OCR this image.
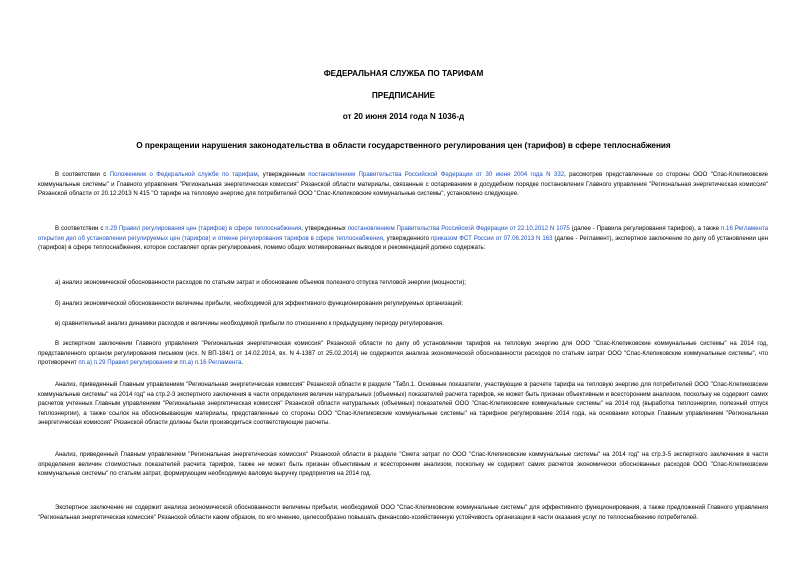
ФЕДЕРАЛЬНАЯ СЛУЖБА ПО ТАРИФАМ
ПРЕДПИСАНИЕ
от 20 июня 2014 года N 1036-д
О прекращении нарушения законодательства в области государственного регулирования цен (тарифов) в сфере теплоснабжения
В соответствии с Положением о Федеральной службе по тарифам, утвержденным постановлением Правительства Российской Федерации от 30 июня 2004 года N 332, рассмотрев представленные со стороны ООО "Спас-Клепиковские коммунальные системы" и Главного управления "Региональная энергетическая комиссия" Рязанской области материалы, связанные с оспариванием в досудебном порядке постановления Главного управления "Региональная энергетическая комиссия" Рязанской области от 20.12.2013 N 415 "О тарифе на тепловую энергию для потребителей ООО "Спас-Клепиковские коммунальные системы", установлено следующее.
В соответствии с п.29 Правил регулирования цен (тарифов) в сфере теплоснабжения, утвержденных постановлением Правительства Российской Федерации от 22.10.2012 N 1075 (далее - Правила регулирования тарифов), а также п.16 Регламента открытия дел об установлении регулируемых цен (тарифов) и отмене регулирования тарифов в сфере теплоснабжения, утвержденного приказом ФСТ России от 07.06.2013 N 163 (далее - Регламент), экспертное заключение по делу об установлении цен (тарифов) в сфере теплоснабжения, которое составляет орган регулирования, помимо общих мотивированных выводов и рекомендаций должно содержать:
а) анализ экономической обоснованности расходов по статьям затрат и обоснование объемов полезного отпуска тепловой энергии (мощности);
б) анализ экономической обоснованности величины прибыли, необходимой для эффективного функционирования регулируемых организаций;
в) сравнительный анализ динамики расходов и величины необходимой прибыли по отношению к предыдущему периоду регулирования.
В экспертном заключении Главного управления "Региональная энергетическая комиссия" Рязанской области по делу об установлении тарифов на тепловую энергию для ООО "Спас-Клепиковские коммунальные системы" на 2014 год, представленного органом регулирования письмом (исх. N ВП-184/1 от 14.02.2014, вх. N 4-1387 от 25.02.2014) не содержится анализа экономической обоснованности расходов по статьям затрат ООО "Спас-Клепиковские коммунальные системы", что противоречит пп.а) п.29 Правил регулирования и пп.а) п.16 Регламента.
Анализ, приведенный Главным управлением "Региональная энергетическая комиссия" Рязанской области в разделе "Табл.1. Основные показатели, участвующие в расчете тарифа на тепловую энергию для потребителей ООО "Спас-Клепиковские коммунальные системы" на 2014 год" на стр.2-3 экспертного заключения в части определения величин натуральных (объемных) показателей расчета тарифов, не может быть признан объективным и всесторонним анализом, поскольку не содержит самих расчетов учтенных Главным управлением "Региональная энергетическая комиссия" Рязанской области натуральных (объемных) показателей ООО "Спас-Клепиковские коммунальные системы" на 2014 год (выработка теплоэнергии, полезный отпуск теплоэнергии), а также ссылок на обосновывающие материалы, представленные со стороны ООО "Спас-Клепиковские коммунальные системы" на тарифное регулирование 2014 года, на основании которых Главным управлением "Региональная энергетическая комиссия" Рязанской области должны были производиться соответствующие расчеты.
Анализ, приведенный Главным управлением "Региональная энергетическая комиссия" Рязанской области в разделе "Смета затрат по ООО "Спас-Клепиковские коммунальные системы" на 2014 год" на стр.3-5 экспертного заключения в части определения величин стоимостных показателей расчета тарифов, также не может быть признан объективным и всесторонним анализом, поскольку не содержит самих расчетов экономически обоснованных расходов ООО "Спас-Клепиковские коммунальные системы" по статьям затрат, формирующим необходимую валовую выручку предприятия на 2014 год.
Экспертное заключение не содержит анализа экономической обоснованности величины прибыли, необходимой ООО "Спас-Клепиковские коммунальные системы" для эффективного функционирования, а также предложений Главного управления "Региональная энергетическая комиссия" Рязанской области каким образом, по его мнению, целесообразно повышать финансово-хозяйственную устойчивость организации в части оказания услуг по теплоснабжению потребителей.
